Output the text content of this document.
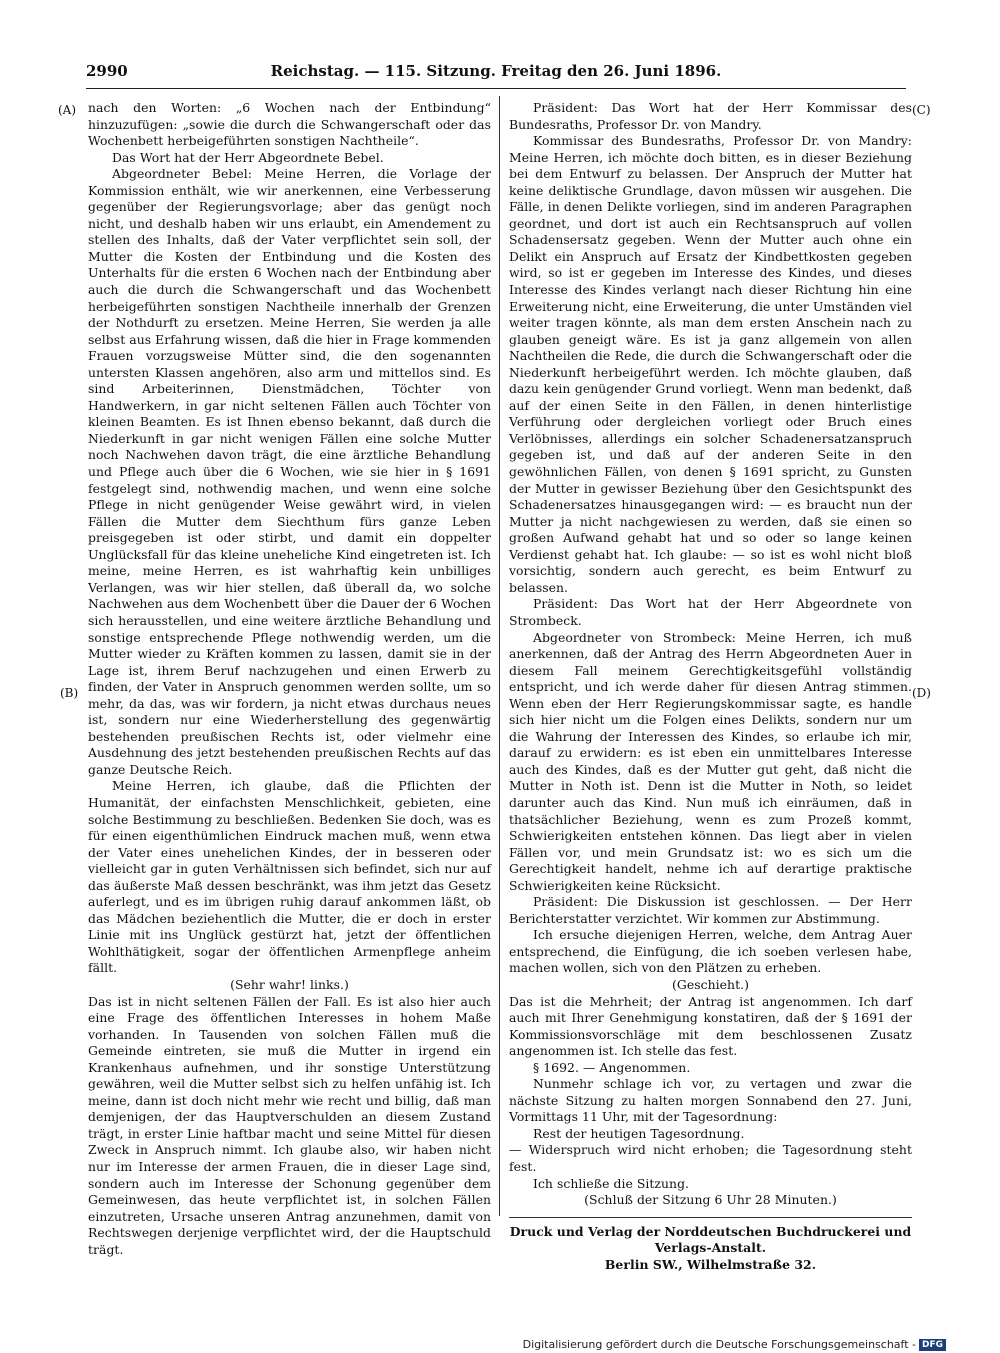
2990	Reichstag. — 115. Sitzung. Freitag den 26. Juni 1896.
(A)
(B)
(C)
(D)

nach den Worten: „6 Wochen nach der Entbindung“ hinzuzufügen: „sowie die durch die Schwangerschaft oder das Wochenbett herbeigeführten sonstigen Nachtheile“.

Das Wort hat der Herr Abgeordnete Bebel.

Abgeordneter Bebel: Meine Herren, die Vorlage der Kommission enthält, wie wir anerkennen, eine Verbesserung gegenüber der Regierungsvorlage; aber das genügt noch nicht, und deshalb haben wir uns erlaubt, ein Amendement zu stellen des Inhalts, daß der Vater verpflichtet sein soll, der Mutter die Kosten der Entbindung und die Kosten des Unterhalts für die ersten 6 Wochen nach der Entbindung aber auch die durch die Schwangerschaft und das Wochenbett herbeigeführten sonstigen Nachtheile innerhalb der Grenzen der Nothdurft zu ersetzen. Meine Herren, Sie werden ja alle selbst aus Erfahrung wissen, daß die hier in Frage kommenden Frauen vorzugsweise Mütter sind, die den sogenannten untersten Klassen angehören, also arm und mittellos sind. Es sind Arbeiterinnen, Dienstmädchen, Töchter von Handwerkern, in gar nicht seltenen Fällen auch Töchter von kleinen Beamten. Es ist Ihnen ebenso bekannt, daß durch die Niederkunft in gar nicht wenigen Fällen eine solche Mutter noch Nachwehen davon trägt, die eine ärztliche Behandlung und Pflege auch über die 6 Wochen, wie sie hier in § 1691 festgelegt sind, nothwendig machen, und wenn eine solche Pflege in nicht genügender Weise gewährt wird, in vielen Fällen die Mutter dem Siechthum fürs ganze Leben preisgegeben ist oder stirbt, und damit ein doppelter Unglücksfall für das kleine uneheliche Kind eingetreten ist. Ich meine, meine Herren, es ist wahrhaftig kein unbilliges Verlangen, was wir hier stellen, daß überall da, wo solche Nachwehen aus dem Wochenbett über die Dauer der 6 Wochen sich herausstellen, und eine weitere ärztliche Behandlung und sonstige entsprechende Pflege nothwendig werden, um die Mutter wieder zu Kräften kommen zu lassen, damit sie in der Lage ist, ihrem Beruf nachzugehen und einen Erwerb zu finden, der Vater in Anspruch genommen werden sollte, um so mehr, da das, was wir fordern, ja nicht etwas durchaus neues ist, sondern nur eine Wiederherstellung des gegenwärtig bestehenden preußischen Rechts ist, oder vielmehr eine Ausdehnung des jetzt bestehenden preußischen Rechts auf das ganze Deutsche Reich.

Meine Herren, ich glaube, daß die Pflichten der Humanität, der einfachsten Menschlichkeit, gebieten, eine solche Bestimmung zu beschließen. Bedenken Sie doch, was es für einen eigenthümlichen Eindruck machen muß, wenn etwa der Vater eines unehelichen Kindes, der in besseren oder vielleicht gar in guten Verhältnissen sich befindet, sich nur auf das äußerste Maß dessen beschränkt, was ihm jetzt das Gesetz auferlegt, und es im übrigen ruhig darauf ankommen läßt, ob das Mädchen beziehentlich die Mutter, die er doch in erster Linie mit ins Unglück gestürzt hat, jetzt der öffentlichen Wohlthätigkeit, sogar der öffentlichen Armenpflege anheim fällt.

(Sehr wahr! links.)

Das ist in nicht seltenen Fällen der Fall. Es ist also hier auch eine Frage des öffentlichen Interesses in hohem Maße vorhanden. In Tausenden von solchen Fällen muß die Gemeinde eintreten, sie muß die Mutter in irgend ein Krankenhaus aufnehmen, und ihr sonstige Unterstützung gewähren, weil die Mutter selbst sich zu helfen unfähig ist. Ich meine, dann ist doch nicht mehr wie recht und billig, daß man demjenigen, der das Hauptverschulden an diesem Zustand trägt, in erster Linie haftbar macht und seine Mittel für diesen Zweck in Anspruch nimmt. Ich glaube also, wir haben nicht nur im Interesse der armen Frauen, die in dieser Lage sind, sondern auch im Interesse der Schonung gegenüber dem Gemeinwesen, das heute verpflichtet ist, in solchen Fällen einzutreten, Ursache unseren Antrag anzunehmen, damit von Rechtswegen derjenige verpflichtet wird, der die Hauptschuld trägt.

Präsident: Das Wort hat der Herr Kommissar des Bundesraths, Professor Dr. von Mandry.

Kommissar des Bundesraths, Professor Dr. von Mandry: Meine Herren, ich möchte doch bitten, es in dieser Beziehung bei dem Entwurf zu belassen. Der Anspruch der Mutter hat keine deliktische Grundlage, davon müssen wir ausgehen. Die Fälle, in denen Delikte vorliegen, sind im anderen Paragraphen geordnet, und dort ist auch ein Rechtsanspruch auf vollen Schadensersatz gegeben. Wenn der Mutter auch ohne ein Delikt ein Anspruch auf Ersatz der Kindbettkosten gegeben wird, so ist er gegeben im Interesse des Kindes, und dieses Interesse des Kindes verlangt nach dieser Richtung hin eine Erweiterung nicht, eine Erweiterung, die unter Umständen viel weiter tragen könnte, als man dem ersten Anschein nach zu glauben geneigt wäre. Es ist ja ganz allgemein von allen Nachtheilen die Rede, die durch die Schwangerschaft oder die Niederkunft herbeigeführt werden. Ich möchte glauben, daß dazu kein genügender Grund vorliegt. Wenn man bedenkt, daß auf der einen Seite in den Fällen, in denen hinterlistige Verführung oder dergleichen vorliegt oder Bruch eines Verlöbnisses, allerdings ein solcher Schadenersatzanspruch gegeben ist, und daß auf der anderen Seite in den gewöhnlichen Fällen, von denen § 1691 spricht, zu Gunsten der Mutter in gewisser Beziehung über den Gesichtspunkt des Schadenersatzes hinausgegangen wird: — es braucht nun der Mutter ja nicht nachgewiesen zu werden, daß sie einen so großen Aufwand gehabt hat und so oder so lange keinen Verdienst gehabt hat. Ich glaube: — so ist es wohl nicht bloß vorsichtig, sondern auch gerecht, es beim Entwurf zu belassen.

Präsident: Das Wort hat der Herr Abgeordnete von Strombeck.

Abgeordneter von Strombeck: Meine Herren, ich muß anerkennen, daß der Antrag des Herrn Abgeordneten Auer in diesem Fall meinem Gerechtigkeitsgefühl vollständig entspricht, und ich werde daher für diesen Antrag stimmen. Wenn eben der Herr Regierungskommissar sagte, es handle sich hier nicht um die Folgen eines Delikts, sondern nur um die Wahrung der Interessen des Kindes, so erlaube ich mir, darauf zu erwidern: es ist eben ein unmittelbares Interesse auch des Kindes, daß es der Mutter gut geht, daß nicht die Mutter in Noth ist. Denn ist die Mutter in Noth, so leidet darunter auch das Kind. Nun muß ich einräumen, daß in thatsächlicher Beziehung, wenn es zum Prozeß kommt, Schwierigkeiten entstehen können. Das liegt aber in vielen Fällen vor, und mein Grundsatz ist: wo es sich um die Gerechtigkeit handelt, nehme ich auf derartige praktische Schwierigkeiten keine Rücksicht.

Präsident: Die Diskussion ist geschlossen. — Der Herr Berichterstatter verzichtet. Wir kommen zur Abstimmung.

Ich ersuche diejenigen Herren, welche, dem Antrag Auer entsprechend, die Einfügung, die ich soeben verlesen habe, machen wollen, sich von den Plätzen zu erheben.

(Geschieht.)

Das ist die Mehrheit; der Antrag ist angenommen. Ich darf auch mit Ihrer Genehmigung konstatiren, daß der § 1691 der Kommissionsvorschläge mit dem beschlossenen Zusatz angenommen ist. Ich stelle das fest.

§ 1692. — Angenommen.

Nunmehr schlage ich vor, zu vertagen und zwar die nächste Sitzung zu halten morgen Sonnabend den 27. Juni, Vormittags 11 Uhr, mit der Tagesordnung:

Rest der heutigen Tagesordnung.

— Widerspruch wird nicht erhoben; die Tagesordnung steht fest.

Ich schließe die Sitzung.

(Schluß der Sitzung 6 Uhr 28 Minuten.)

Druck und Verlag der Norddeutschen Buchdruckerei und Verlags-Anstalt.

Berlin SW., Wilhelmstraße 32.

Digitalisierung gefördert durch die Deutsche Forschungsgemeinschaft - DFG
